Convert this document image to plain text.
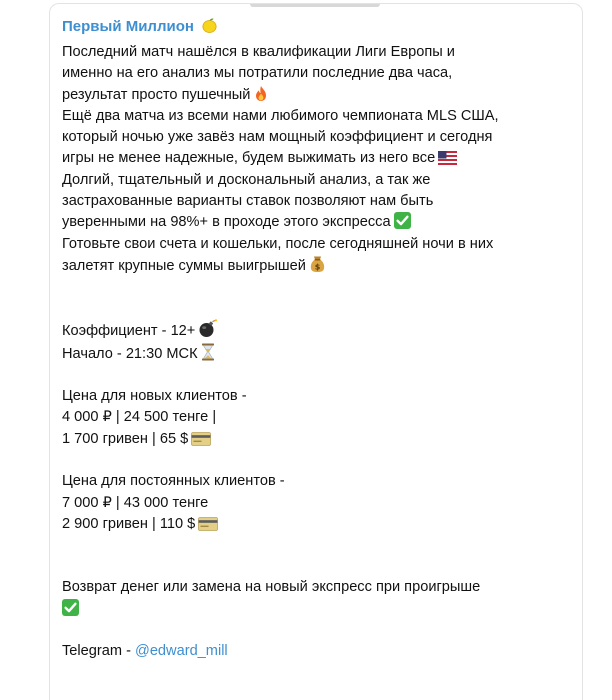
Первый Миллион

Последний матч нашёлся в квалификации Лиги Европы и

именно на его анализ мы потратили последние два часа,

результат просто пушечный

Ещё два матча из всеми нами любимого чемпионата MLS США,

который ночью уже завёз нам мощный коэффициент и сегодня

игры не менее надежные, будем выжимать из него все

Долгий, тщательный и доскональный анализ, а так же

застрахованные варианты ставок позволяют нам быть

уверенными на 98%+ в проходе этого экспресса

Готовьте свои счета и кошельки, после сегодняшней ночи в них

залетят крупные суммы выигрышей $

Коэффициент - 12+

Начало - 21:30 МСК

Цена для новых клиентов -

4 000 ₽ | 24 500 тенге |

1 700 гривен | 65 $

Цена для постоянных клиентов -

7 000 ₽ | 43 000 тенге

2 900 гривен | 110 $

Возврат денег или замена на новый экспресс при проигрыше

Telegram - @edward_mill
